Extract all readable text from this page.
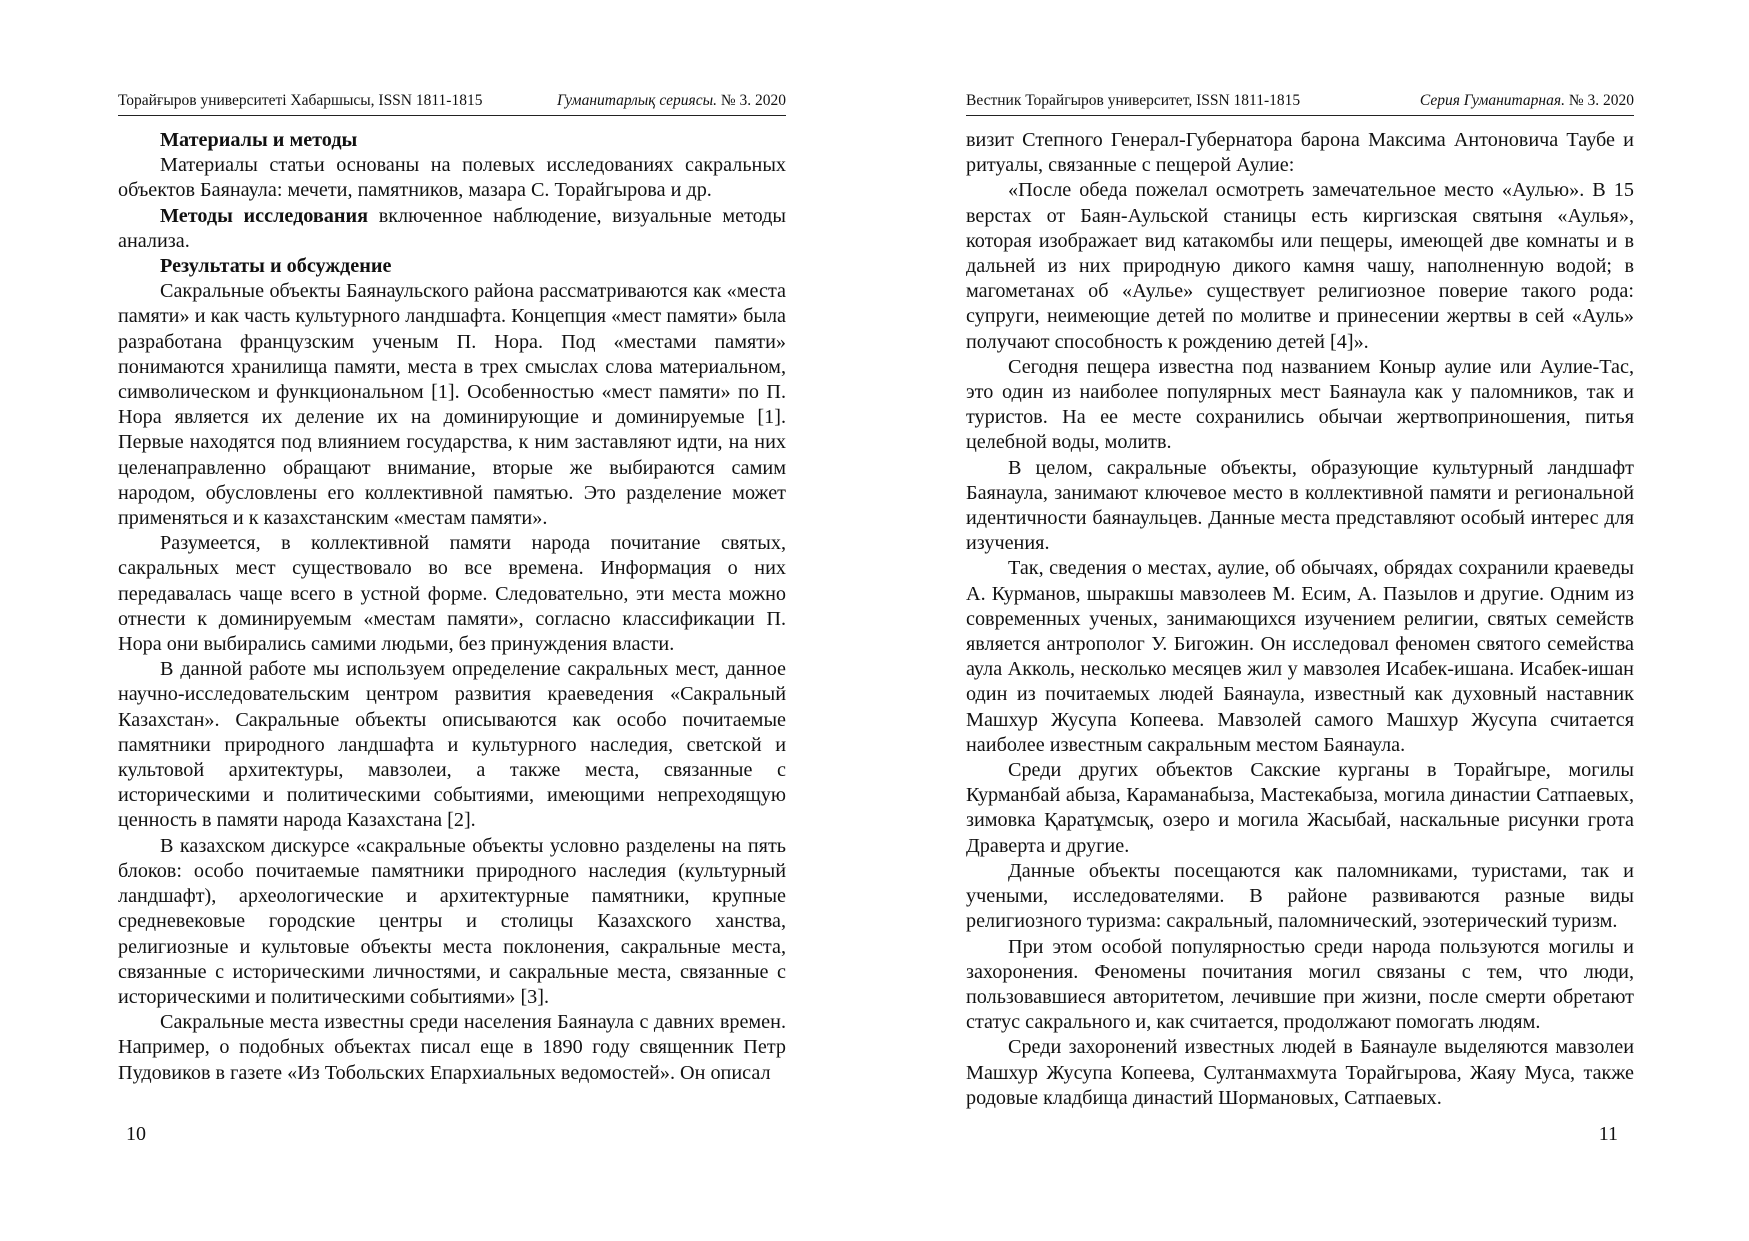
Торайғыров университеті Хабаршысы, ISSN 1811-1815	Гуманитарлық сериясы. № 3. 2020

Материалы и методы

Материалы статьи основаны на полевых исследованиях сакральных объектов Баянаула: мечети, памятников, мазара С. Торайгырова и др.

Методы исследования включенное наблюдение, визуальные методы анализа.

Результаты и обсуждение

Сакральные объекты Баянаульского района рассматриваются как «места памяти» и как часть культурного ландшафта. Концепция «мест памяти» была разработана французским ученым П. Нора. Под «местами памяти» понимаются хранилища памяти, места в трех смыслах слова материальном, символическом и функциональном [1]. Особенностью «мест памяти» по П. Нора является их деление их на доминирующие и доминируемые [1]. Первые находятся под влиянием государства, к ним заставляют идти, на них целенаправленно обращают внимание, вторые же выбираются самим народом, обусловлены его коллективной памятью. Это разделение может применяться и к казахстанским «местам памяти».

Разумеется, в коллективной памяти народа почитание святых, сакральных мест существовало во все времена. Информация о них передавалась чаще всего в устной форме. Следовательно, эти места можно отнести к доминируемым «местам памяти», согласно классификации П. Нора они выбирались самими людьми, без принуждения власти.

В данной работе мы используем определение сакральных мест, данное научно-исследовательским центром развития краеведения «Сакральный Казахстан». Сакральные объекты описываются как особо почитаемые памятники природного ландшафта и культурного наследия, светской и культовой архитектуры, мавзолеи, а также места, связанные с историческими и политическими событиями, имеющими непреходящую ценность в памяти народа Казахстана [2].

В казахском дискурсе «сакральные объекты условно разделены на пять блоков: особо почитаемые памятники природного наследия (культурный ландшафт), археологические и архитектурные памятники, крупные средневековые городские центры и столицы Казахского ханства, религиозные и культовые объекты места поклонения, сакральные места, связанные с историческими личностями, и сакральные места, связанные с историческими и политическими событиями» [3].

Сакральные места известны среди населения Баянаула с давних времен. Например, о подобных объектах писал еще в 1890 году священник Петр Пудовиков в газете «Из Тобольских Епархиальных ведомостей». Он описал

10
Вестник Торайгыров университет, ISSN 1811-1815	Серия Гуманитарная. № 3. 2020

визит Степного Генерал-Губернатора барона Максима Антоновича Таубе и ритуалы, связанные с пещерой Аулие:

«После обеда пожелал осмотреть замечательное место «Аулью». В 15 верстах от Баян-Аульской станицы есть киргизская святыня «Аулья», которая изображает вид катакомбы или пещеры, имеющей две комнаты и в дальней из них природную дикого камня чашу, наполненную водой; в магометанах об «Аулье» существует религиозное поверие такого рода: супруги, неимеющие детей по молитве и принесении жертвы в сей «Ауль» получают способность к рождению детей [4]».

Сегодня пещера известна под названием Коныр аулие или Аулие-Тас, это один из наиболее популярных мест Баянаула как у паломников, так и туристов. На ее месте сохранились обычаи жертвоприношения, питья целебной воды, молитв.

В целом, сакральные объекты, образующие культурный ландшафт Баянаула, занимают ключевое место в коллективной памяти и региональной идентичности баянаульцев. Данные места представляют особый интерес для изучения.

Так, сведения о местах, аулие, об обычаях, обрядах сохранили краеведы А. Курманов, шыракшы мавзолеев М. Есим, А. Пазылов и другие. Одним из современных ученых, занимающихся изучением религии, святых семейств является антрополог У. Бигожин. Он исследовал феномен святого семейства аула Акколь, несколько месяцев жил у мавзолея Исабек-ишана. Исабек-ишан один из почитаемых людей Баянаула, известный как духовный наставник Машхур Жусупа Копеева. Мавзолей самого Машхур Жусупа считается наиболее известным сакральным местом Баянаула.

Среди других объектов Сакские курганы в Торайгыре, могилы Курманбай абыза, Караманабыза, Мастекабыза, могила династии Сатпаевых, зимовка Қаратұмсық, озеро и могила Жасыбай, наскальные рисунки грота Драверта и другие.

Данные объекты посещаются как паломниками, туристами, так и учеными, исследователями. В районе развиваются разные виды религиозного туризма: сакральный, паломнический, эзотерический туризм.

При этом особой популярностью среди народа пользуются могилы и захоронения. Феномены почитания могил связаны с тем, что люди, пользовавшиеся авторитетом, лечившие при жизни, после смерти обретают статус сакрального и, как считается, продолжают помогать людям.

Среди захоронений известных людей в Баянауле выделяются мавзолеи Машхур Жусупа Копеева, Султанмахмута Торайгырова, Жаяу Муса, также родовые кладбища династий Шормановых, Сатпаевых.

11
